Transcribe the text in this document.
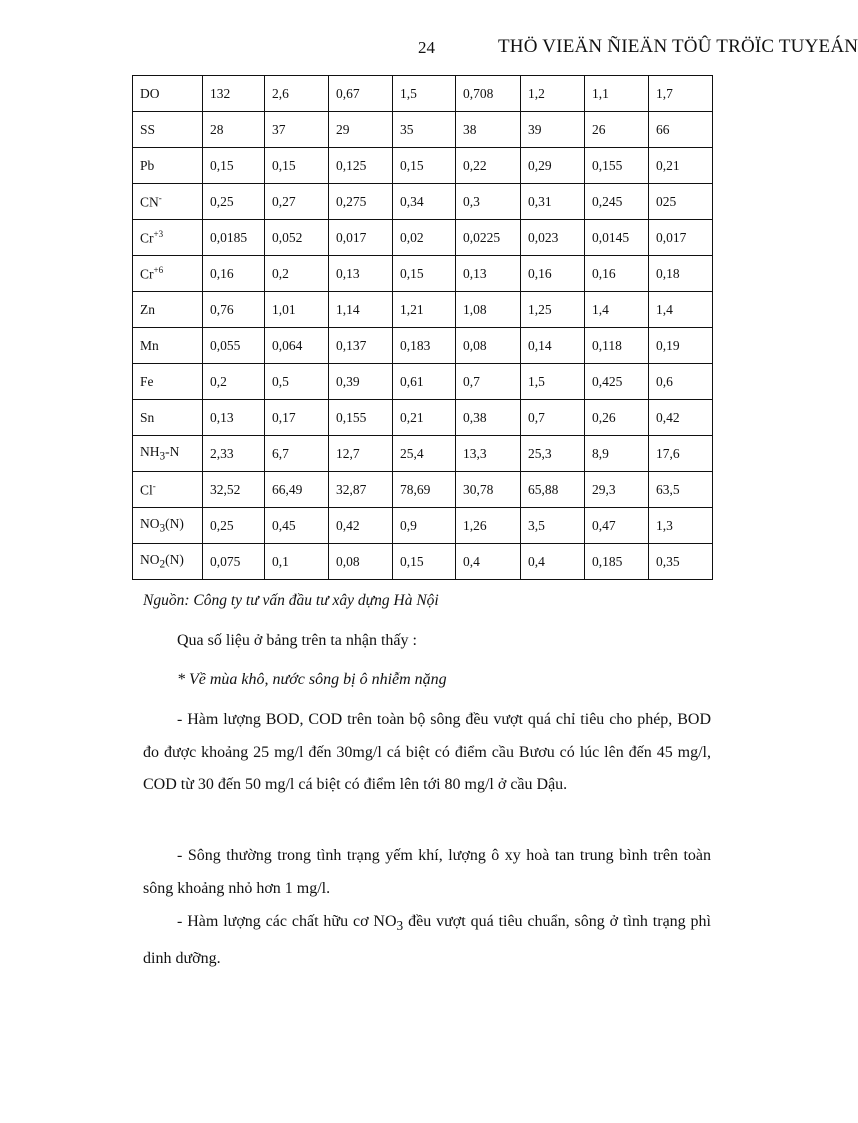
24	THÖ VIEÄN ÑIEÄN TÖÛ TRÖÏC TUYEÁN
DO	132	2,6	0,67	1,5	0,708	1,2	1,1	1,7
SS	28	37	29	35	38	39	26	66
Pb	0,15	0,15	0,125	0,15	0,22	0,29	0,155	0,21
CN-	0,25	0,27	0,275	0,34	0,3	0,31	0,245	025
$Cr^{+3}$	0,0185	0,052	0,017	0,02	0,0225	0,023	0,0145	0,017
$Cr^{+6}$	0,16	0,2	0,13	0,15	0,13	0,16	0,16	0,18
Zn	0,76	1,01	1,14	1,21	1,08	1,25	1,4	1,4
Mn	0,055	0,064	0,137	0,183	0,08	0,14	0,118	0,19
Fe	0,2	0,5	0,39	0,61	0,7	1,5	0,425	0,6
Sn	0,13	0,17	0,155	0,21	0,38	0,7	0,26	0,42
$NH_3-N$	2,33	6,7	12,7	25,4	13,3	25,3	8,9	17,6
Cl-	32,52	66,49	32,87	78,69	30,78	65,88	29,3	63,5
$NO_3(N)$	0,25	0,45	0,42	0,9	1,26	3,5	0,47	1,3
$NO_2(N)$	0,075	0,1	0,08	0,15	0,4	0,4	0,185	0,35
Nguồn: Công ty tư vấn đầu tư xây dựng Hà Nội

Qua số liệu ở bảng trên ta nhận thấy :

* Về mùa khô, nước sông bị ô nhiễm nặng

- Hàm lượng BOD, COD trên toàn bộ sông đều vượt quá chỉ tiêu cho phép, BOD đo được khoảng 25 mg/l đến 30mg/l cá biệt có điểm cầu Bươu có lúc lên đến 45 mg/l, COD từ 30 đến 50 mg/l cá biệt có điểm lên tới 80 mg/l ở cầu Dậu.

- Sông thường trong tình trạng yếm khí, lượng ô xy hoà tan trung bình trên toàn sông khoảng nhỏ hơn 1 mg/l.

- Hàm lượng các chất hữu cơ $NO_3$ đều vượt quá tiêu chuẩn, sông ở tình trạng phì dinh dưỡng.
